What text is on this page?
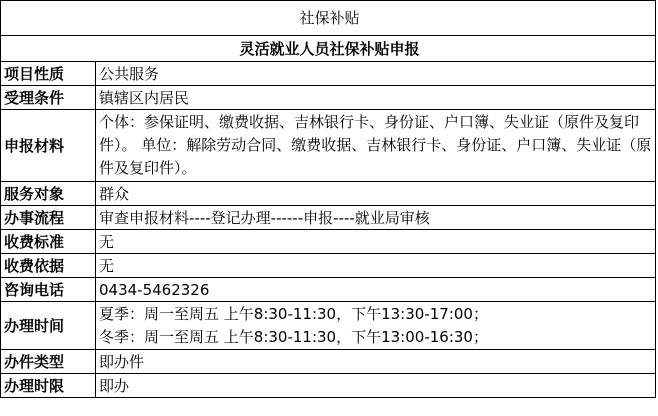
社保补贴	
灵活就业人员社保补贴申报	
项目性质	公共服务
受理条件	镇辖区内居民
申报材料	个体：参保证明、缴费收据、吉林银行卡、身份证、户口簿、失业证（原件及复印件）。 单位：解除劳动合同、缴费收据、吉林银行卡、身份证、户口簿、失业证（原件及复印件）。
服务对象	群众
办事流程	审查申报材料----登记办理------申报----就业局审核
收费标准	无
收费依据	无
咨询电话	0434-5462326
办理时间	夏季：周一至周五 上午8:30-11:30，下午13:30-17:00；
冬季：周一至周五 上午8:30-11:30，下午13:00-16:30；

办件类型	即办件
办理时限	即办
